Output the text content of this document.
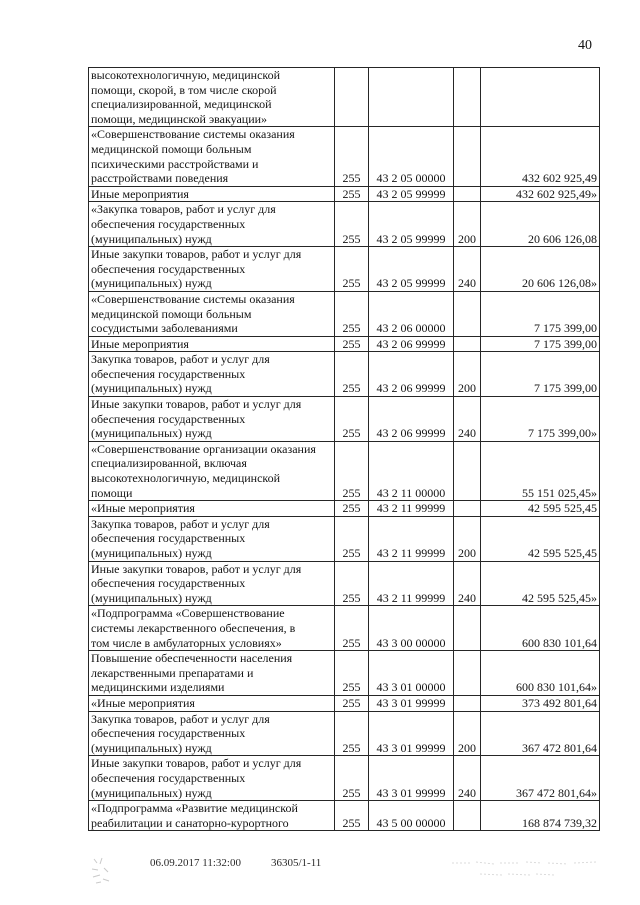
40
высокотехнологичную, медицинской
помощи, скорой, в том числе скорой
специализированной, медицинской
помощи, медицинской эвакуации»				

«Совершенствование системы оказания
медицинской помощи больным
психическими расстройствами и
расстройствами поведения	255	43 2 05 00000		432 602 925,49

Иные мероприятия	255	43 2 05 99999		432 602 925,49»

«Закупка товаров, работ и услуг для
обеспечения государственных
(муниципальных) нужд	255	43 2 05 99999	200	20 606 126,08

Иные закупки товаров, работ и услуг для
обеспечения государственных
(муниципальных) нужд	255	43 2 05 99999	240	20 606 126,08»

«Совершенствование системы оказания
медицинской помощи больным
сосудистыми заболеваниями	255	43 2 06 00000		7 175 399,00

Иные мероприятия	255	43 2 06 99999		7 175 399,00

Закупка товаров, работ и услуг для
обеспечения государственных
(муниципальных) нужд	255	43 2 06 99999	200	7 175 399,00

Иные закупки товаров, работ и услуг для
обеспечения государственных
(муниципальных) нужд	255	43 2 06 99999	240	7 175 399,00»

«Совершенствование организации оказания
специализированной, включая
высокотехнологичную, медицинской
помощи	255	43 2 11 00000		55 151 025,45»

«Иные мероприятия	255	43 2 11 99999		42 595 525,45

Закупка товаров, работ и услуг для
обеспечения государственных
(муниципальных) нужд	255	43 2 11 99999	200	42 595 525,45

Иные закупки товаров, работ и услуг для
обеспечения государственных
(муниципальных) нужд	255	43 2 11 99999	240	42 595 525,45»

«Подпрограмма «Совершенствование
системы лекарственного обеспечения, в
том числе в амбулаторных условиях»	255	43 3 00 00000		600 830 101,64

Повышение обеспеченности населения
лекарственными препаратами и
медицинскими изделиями	255	43 3 01 00000		600 830 101,64»

«Иные мероприятия	255	43 3 01 99999		373 492 801,64

Закупка товаров, работ и услуг для
обеспечения государственных
(муниципальных) нужд	255	43 3 01 99999	200	367 472 801,64

Иные закупки товаров, работ и услуг для
обеспечения государственных
(муниципальных) нужд	255	43 3 01 99999	240	367 472 801,64»

«Подпрограмма «Развитие медицинской
реабилитации и санаторно-курортного	255	43 5 00 00000		168 874 739,32
06.09.2017 11:32:00	36305/1-11
